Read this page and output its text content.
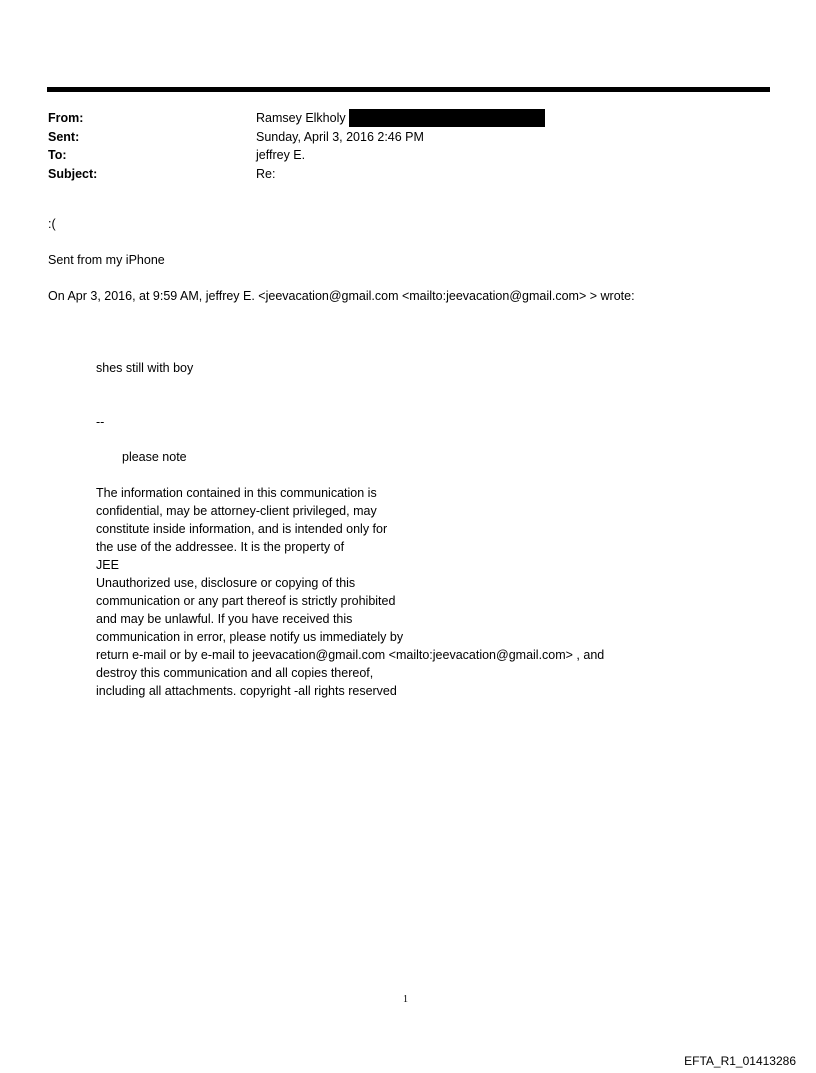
From:	Ramsey Elkholy
Sent:	Sunday, April 3, 2016 2:46 PM
To:	jeffrey E.
Subject:	Re:
:(
Sent from my iPhone
On Apr 3, 2016, at 9:59 AM, jeffrey E. <jeevacation@gmail.com <mailto:jeevacation@gmail.com> > wrote:
shes still with boy
--
please note
The information contained in this communication is
confidential, may be attorney-client privileged, may
constitute inside information, and is intended only for
the use of the addressee. It is the property of
JEE
Unauthorized use, disclosure or copying of this
communication or any part thereof is strictly prohibited
and may be unlawful. If you have received this
communication in error, please notify us immediately by
return e-mail or by e-mail to jeevacation@gmail.com <mailto:jeevacation@gmail.com> , and
destroy this communication and all copies thereof,
including all attachments. copyright -all rights reserved
1
EFTA_R1_01413286
